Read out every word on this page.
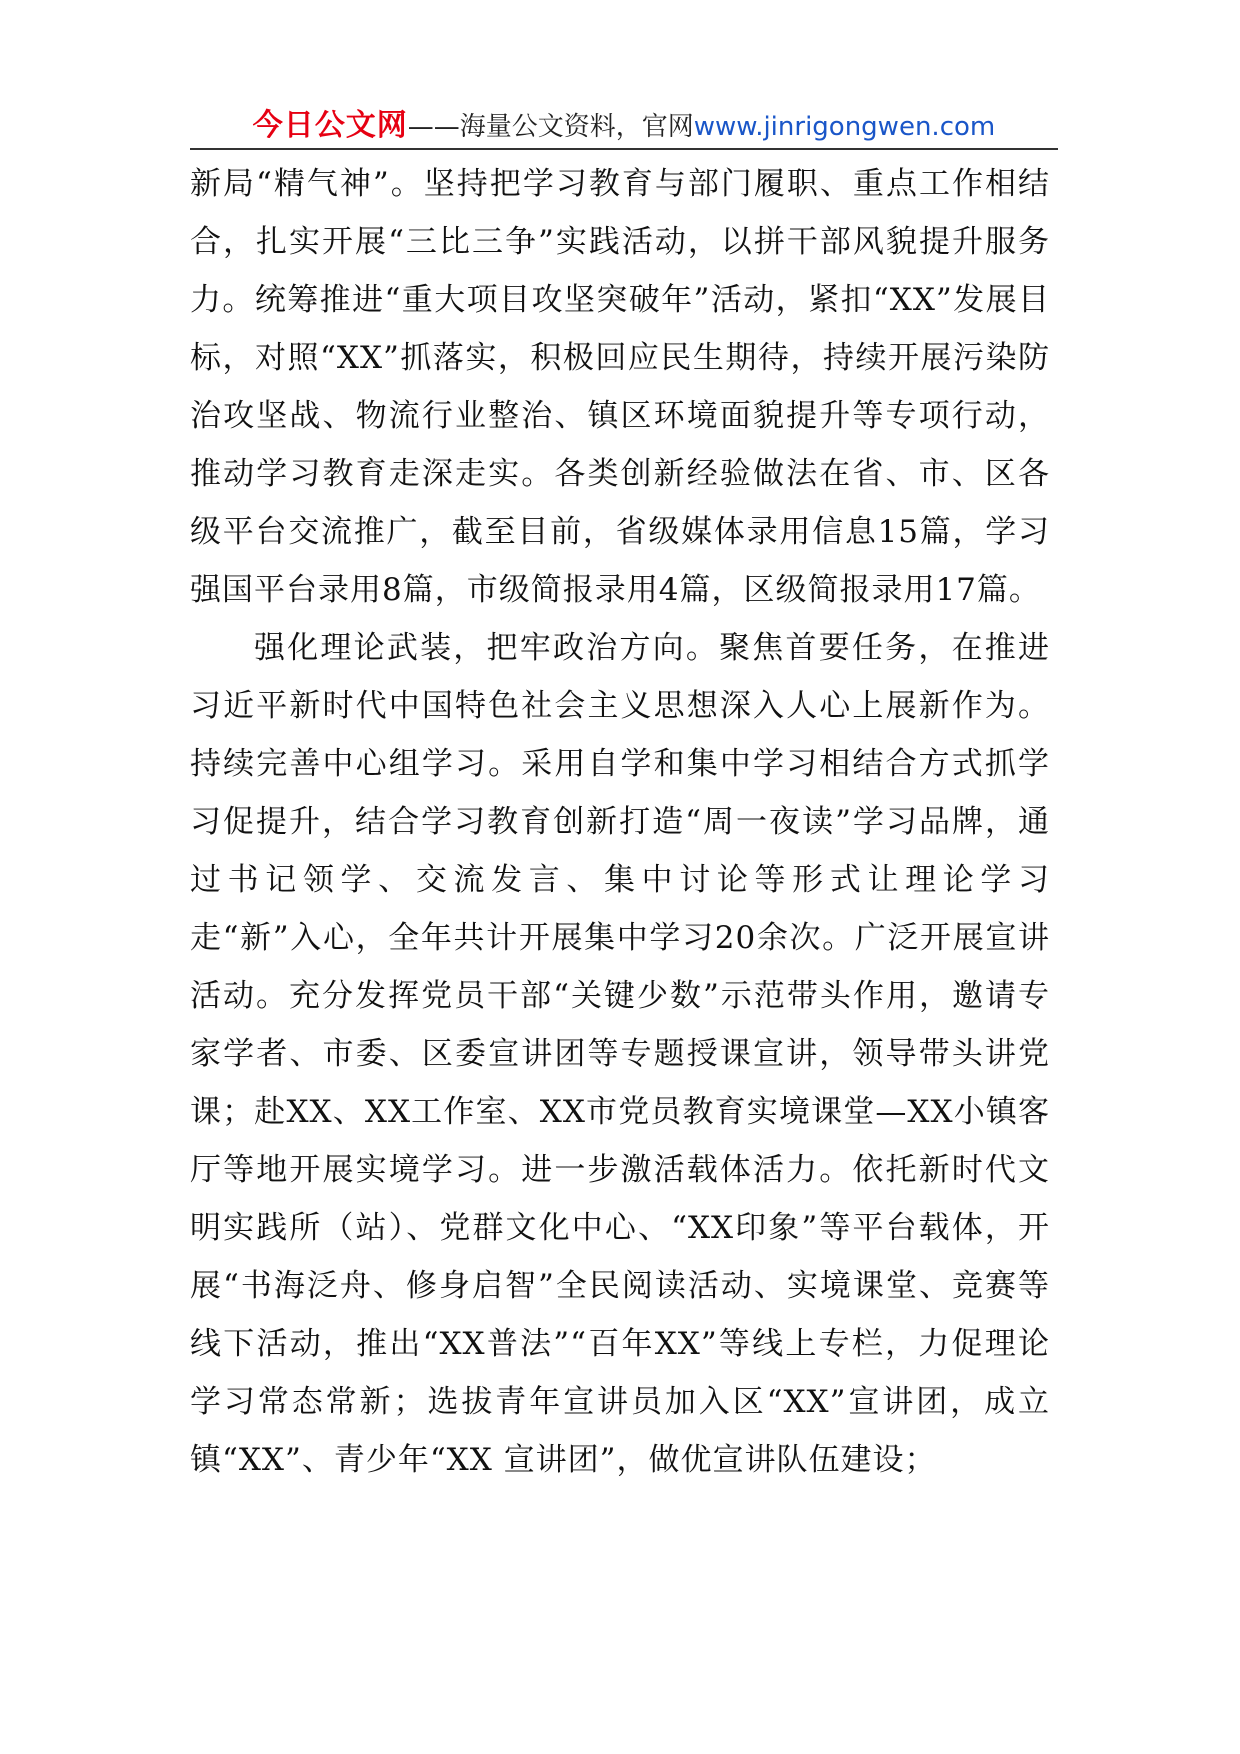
今日公文网——海量公文资料，官网www.jinrigongwen.com

新局“精气神”。坚持把学习教育与部门履职、重点工作相结合，扎实开展“三比三争”实践活动，以拼干部风貌提升服务力。统筹推进“重大项目攻坚突破年”活动，紧扣“XX”发展目标，对照“XX”抓落实，积极回应民生期待，持续开展污染防治攻坚战、物流行业整治、镇区环境面貌提升等专项行动，推动学习教育走深走实。各类创新经验做法在省、市、区各级平台交流推广，截至目前，省级媒体录用信息15篇，学习强国平台录用8篇，市级简报录用4篇，区级简报录用17篇。

强化理论武装，把牢政治方向。聚焦首要任务，在推进习近平新时代中国特色社会主义思想深入人心上展新作为。持续完善中心组学习。采用自学和集中学习相结合方式抓学习促提升，结合学习教育创新打造“周一夜读”学习品牌，通过书记领学、交流发言、集中讨论等形式让理论学习走“新”入心，全年共计开展集中学习20余次。广泛开展宣讲活动。充分发挥党员干部“关键少数”示范带头作用，邀请专家学者、市委、区委宣讲团等专题授课宣讲，领导带头讲党课；赴XX、XX工作室、XX市党员教育实境课堂—XX小镇客厅等地开展实境学习。进一步激活载体活力。依托新时代文明实践所（站）、党群文化中心、“XX印象”等平台载体，开展“书海泛舟、修身启智”全民阅读活动、实境课堂、竞赛等线下活动，推出“XX普法”“百年XX”等线上专栏，力促理论学习常态常新；选拔青年宣讲员加入区“XX”宣讲团，成立镇“XX”、青少年“XX 宣讲团”，做优宣讲队伍建设；
